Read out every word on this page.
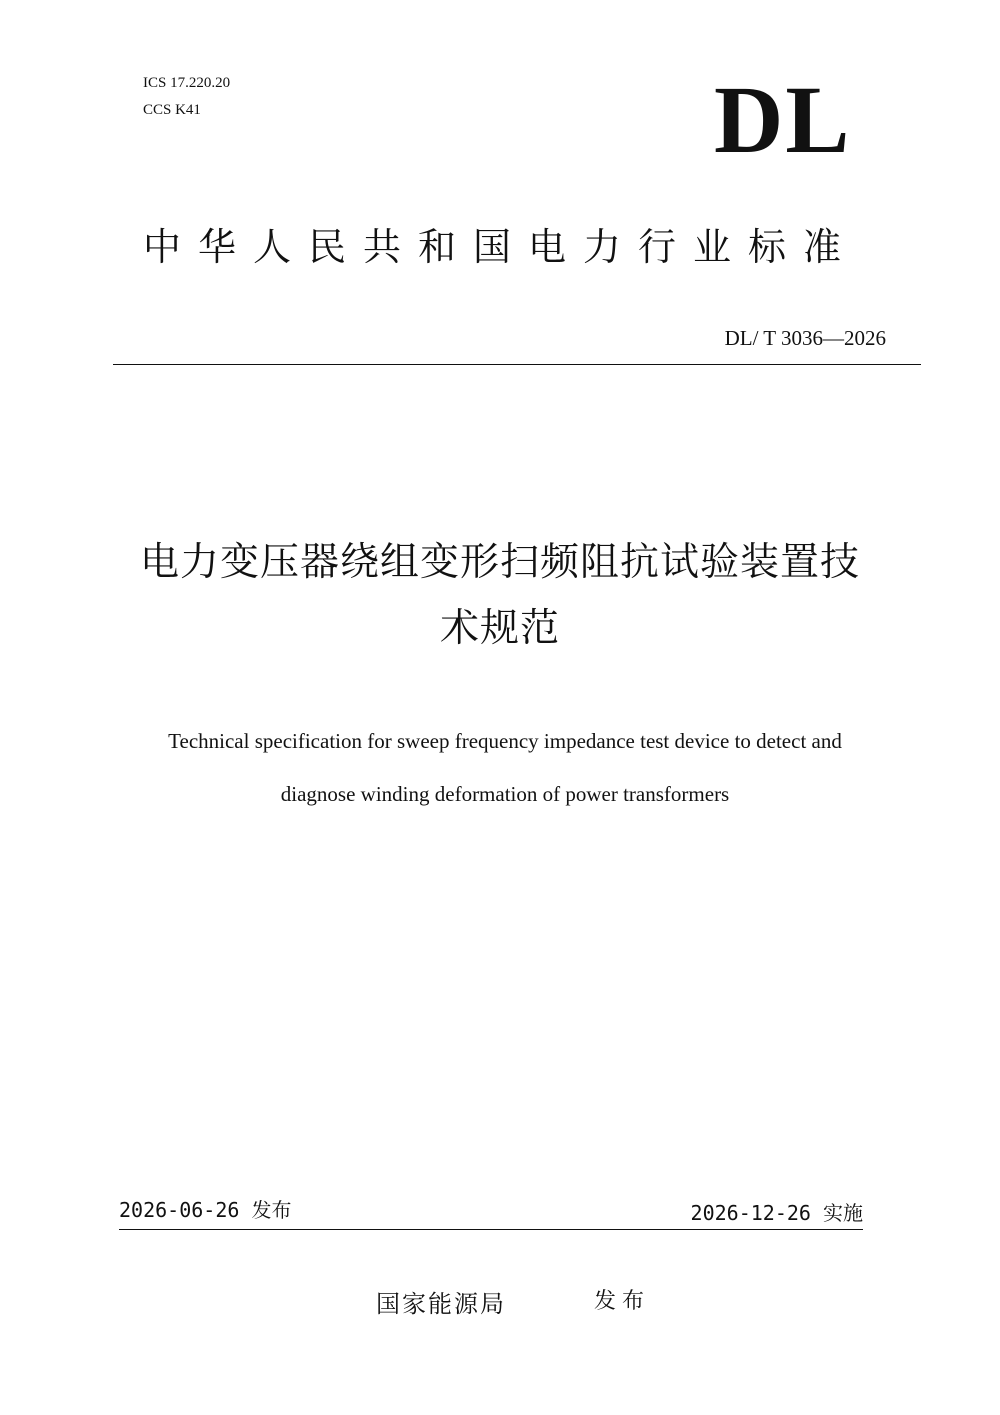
ICS 17.220.20
CCS K41	DL
中华人民共和国电力行业标准
DL/ T 3036—2026
电力变压器绕组变形扫频阻抗试验装置技
术规范
Technical specification for sweep frequency impedance test device to detect and
diagnose winding deformation of power transformers
2026-06-26 发布	2026-12-26 实施
国家能源局	发布
